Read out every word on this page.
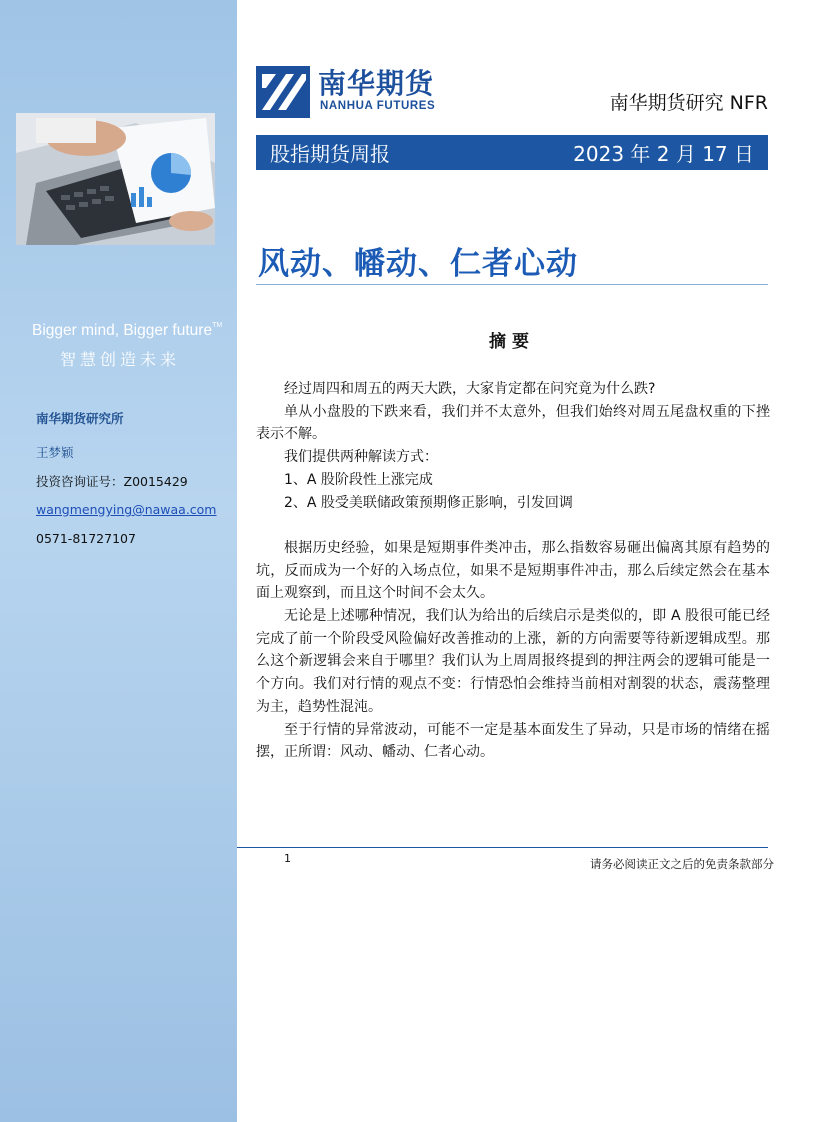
Bigger mind, Bigger future™
智慧创造未来
南华期货研究所
王梦颖
投资咨询证号：Z0015429
wangmengying@nawaa.com
0571-81727107
南华期货
NANHUA FUTURES	南华期货研究 NFR
股指期货周报	2023 年 2 月 17 日
风动、幡动、仁者心动
摘要

经过周四和周五的两天大跌，大家肯定都在问究竟为什么跌?

单从小盘股的下跌来看，我们并不太意外，但我们始终对周五尾盘权重的下挫表示不解。

我们提供两种解读方式：

1、A 股阶段性上涨完成

2、A 股受美联储政策预期修正影响，引发回调

根据历史经验，如果是短期事件类冲击，那么指数容易砸出偏离其原有趋势的坑，反而成为一个好的入场点位，如果不是短期事件冲击，那么后续定然会在基本面上观察到，而且这个时间不会太久。

无论是上述哪种情况，我们认为给出的后续启示是类似的，即 A 股很可能已经完成了前一个阶段受风险偏好改善推动的上涨，新的方向需要等待新逻辑成型。那么这个新逻辑会来自于哪里？我们认为上周周报终提到的押注两会的逻辑可能是一个方向。我们对行情的观点不变：行情恐怕会维持当前相对割裂的状态，震荡整理为主，趋势性混沌。

至于行情的异常波动，可能不一定是基本面发生了异动，只是市场的情绪在摇摆，正所谓：风动、幡动、仁者心动。

1	请务必阅读正文之后的免责条款部分
